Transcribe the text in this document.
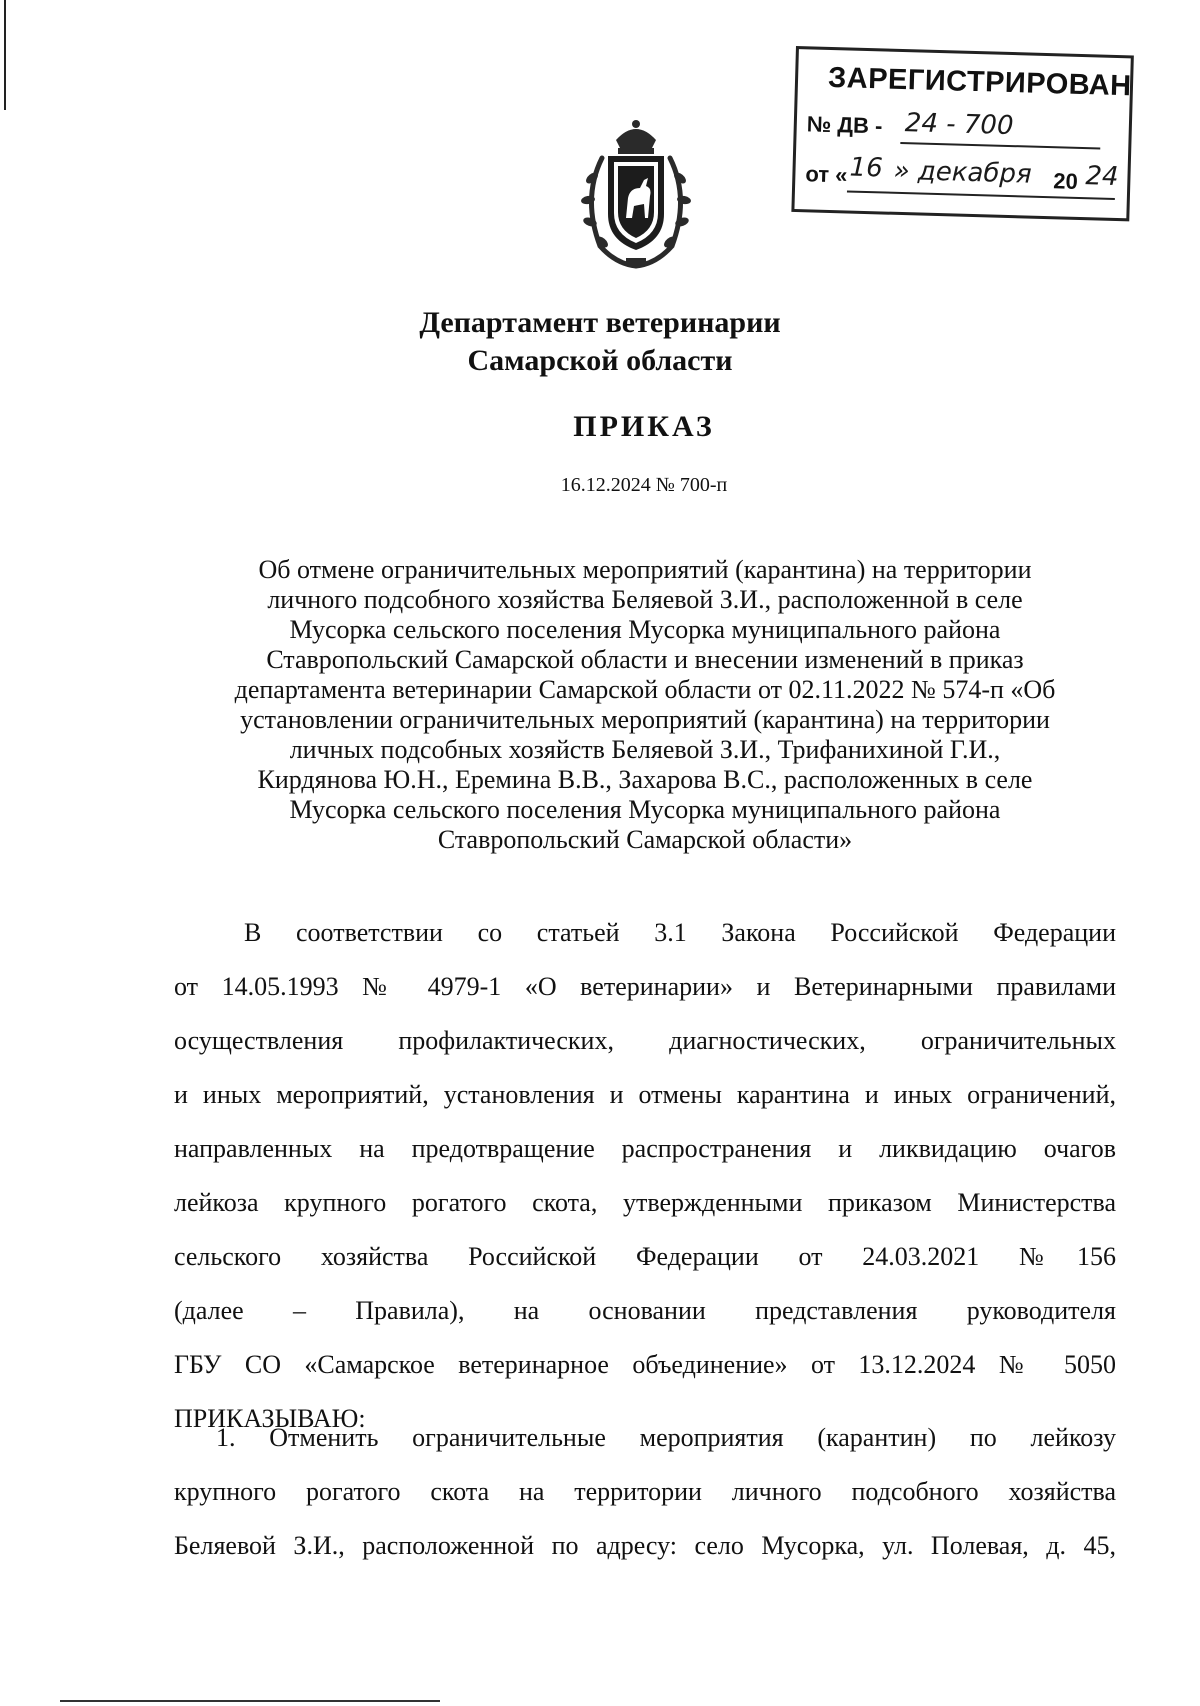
ЗАРЕГИСТРИРОВАН
№ ДВ - 24 - 700
от « 16 » декабря 20 24
Департамент ветеринарии
Самарской области
ПРИКАЗ
16.12.2024 № 700-п
Об отмене ограничительных мероприятий (карантина) на территории
личного подсобного хозяйства Беляевой З.И., расположенной в селе
Мусорка сельского поселения Мусорка муниципального района
Ставропольский Самарской области и внесении изменений в приказ
департамента ветеринарии Самарской области от 02.11.2022 № 574-п «Об
установлении ограничительных мероприятий (карантина) на территории
личных подсобных хозяйств Беляевой З.И., Трифанихиной Г.И.,
Кирдянова Ю.Н., Еремина В.В., Захарова В.С., расположенных в селе
Мусорка сельского поселения Мусорка муниципального района
Ставропольский Самарской области»
В соответствии со статьей 3.1 Закона Российской Федерации
от 14.05.1993 № 4979-1 «О ветеринарии» и Ветеринарными правилами
осуществления профилактических, диагностических, ограничительных
и иных мероприятий, установления и отмены карантина и иных ограничений,
направленных на предотвращение распространения и ликвидацию очагов
лейкоза крупного рогатого скота, утвержденными приказом Министерства
сельского хозяйства Российской Федерации от 24.03.2021 №156
(далее – Правила), на основании представления руководителя
ГБУ СО «Самарское ветеринарное объединение» от 13.12.2024 № 5050
ПРИКАЗЫВАЮ:
1. Отменить ограничительные мероприятия (карантин) по лейкозу
крупного рогатого скота на территории личного подсобного хозяйства
Беляевой З.И., расположенной по адресу: село Мусорка, ул. Полевая, д. 45,
